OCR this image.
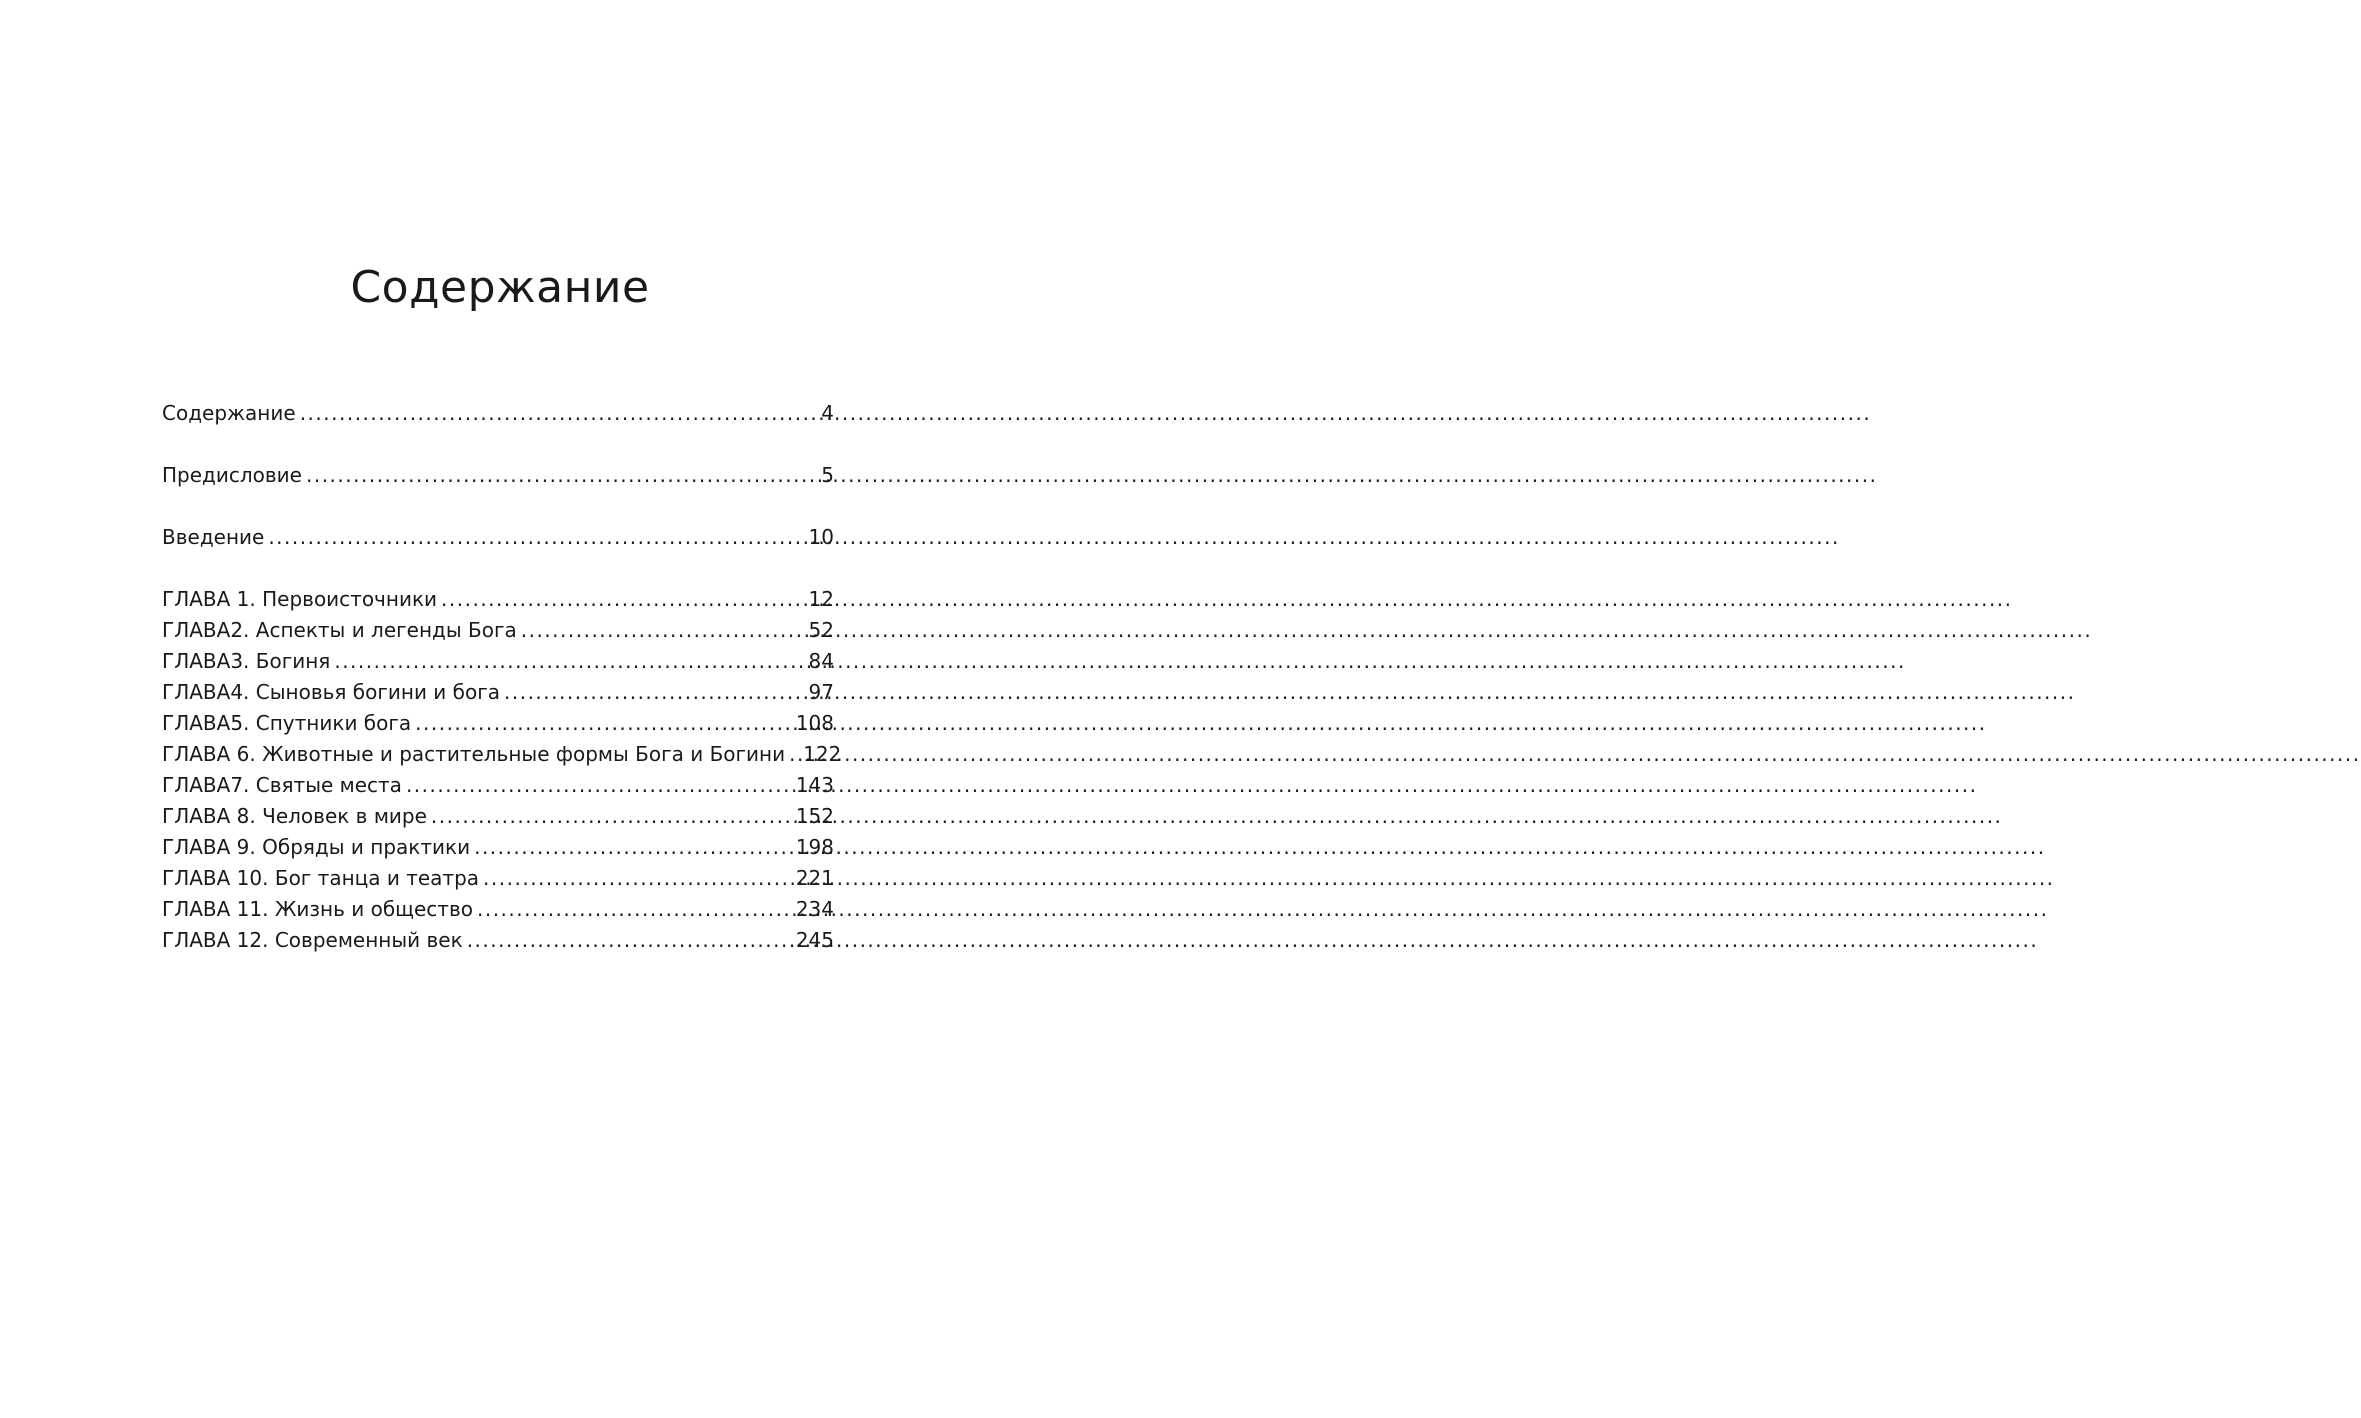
Содержание
Содержание .....	4
Предисловие .....	5
Введение .....	10
ГЛАВА 1. Первоисточники .....	12
ГЛАВА2. Аспекты и легенды Бога .....	52
ГЛАВА3. Богиня .....	84
ГЛАВА4. Сыновья богини и бога .....	97
ГЛАВА5. Спутники бога .....	108
ГЛАВА 6. Животные и растительные формы Бога и Богини ..... 122
ГЛАВА7. Святые места .....	143
ГЛАВА 8. Человек в мире .....	152
ГЛАВА 9. Обряды и практики .....	198
ГЛАВА 10. Бог танца и театра .....	221
ГЛАВА 11. Жизнь и общество .....	234
ГЛАВА 12. Современный век .....	245
